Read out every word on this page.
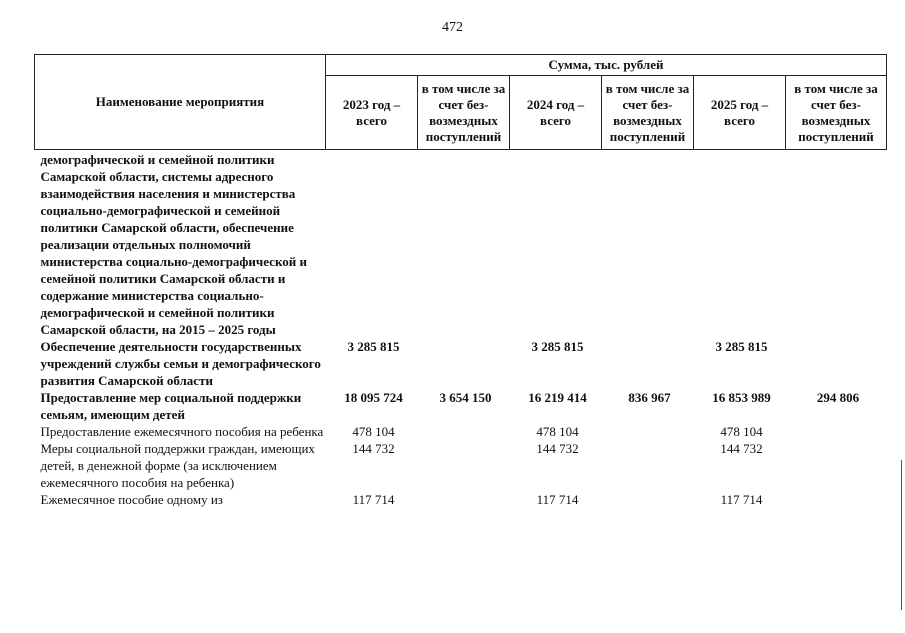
472
Наименование мероприятия	Сумма, тыс. рублей					
	2023 год – всего	в том числе за счет без- возмездных поступлений	2024 год – всего	в том числе за счет без- возмездных поступлений	2025 год – всего	в том числе за счет без- возмездных поступлений
демографической и семейной политики Самарской области, системы адресного взаимодействия населения и министерства социально-демографической и семейной политики Самарской области, обеспечение реализации отдельных полномочий министерства социально-демографической и семейной политики Самарской области и содержание министерства социально-демографической и семейной политики Самарской области, на 2015 – 2025 годы						
Обеспечение деятельности государственных учреждений службы семьи и демографического развития Самарской области	3 285 815		3 285 815		3 285 815	
Предоставление мер социальной поддержки семьям, имеющим детей	18 095 724	3 654 150	16 219 414	836 967	16 853 989	294 806
Предоставление ежемесячного пособия на ребенка	478 104		478 104		478 104	
Меры социальной поддержки граждан, имеющих детей, в денежной форме (за исключением ежемесячного пособия на ребенка)	144 732		144 732		144 732	
Ежемесячное пособие одному из	117 714		117 714		117 714	
